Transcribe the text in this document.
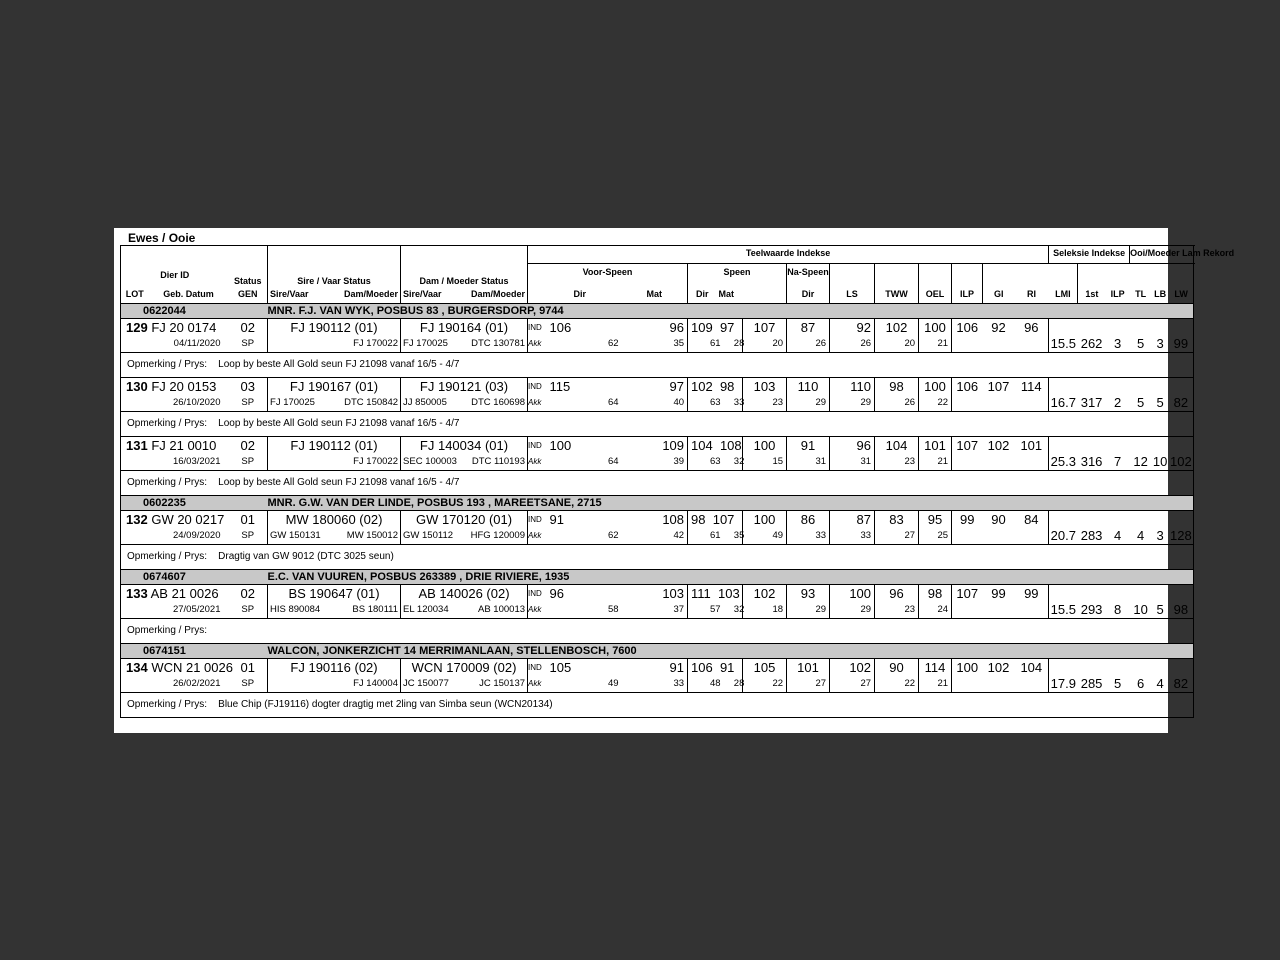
Ewes / Ooie
					Teelwaarde Indekse													Seleksie Indekse			Ooi/Moeder Lam Rekord			
Dier ID		Status	Sire / Vaar Status	Dam / Moeder Status	Voor-Speen				Speen		Na-Speen													
LOT	Geb. Datum	GEN	Sire/Vaar Dam/Moeder	Sire/Vaar Dam/Moeder	Dir			Mat	Dir Mat		Dir	LS	TWW	OEL	ILP	GI	RI	LMI	1st	ILP	TL	LB	LW	
0622044			MNR. F.J. VAN WYK, POSBUS 83 , BURGERSDORP, 9744																					

129 FJ 20 0174		02	FJ 190112 (01)	FJ 190164 (01)	IND	106	96		109 97	107	87	92	102	100	106	92	96							

04/11/2020		SP	FJ 170022	FJ 170025 DTC 130781	Akk		62	35	61 28	20	26	26	20	21				15.5	262	3	5	3	99	

Opmerking / Prys: Loop by beste All Gold seun FJ 21098 vanaf 16/5 - 4/7																								

130 FJ 20 0153		03	FJ 190167 (01)	FJ 190121 (03)	IND	115	97		102 98	103	110	110	98	100	106	107	114							

26/10/2020		SP	FJ 170025 DTC 150842	JJ 850005 DTC 160698	Akk		64	40	63 33	23	29	29	26	22				16.7	317	2	5	5	82	

Opmerking / Prys: Loop by beste All Gold seun FJ 21098 vanaf 16/5 - 4/7																								

131 FJ 21 0010		02	FJ 190112 (01)	FJ 140034 (01)	IND	100	109		104 108	100	91	96	104	101	107	102	101							

16/03/2021		SP	FJ 170022	SEC 100003 DTC 110193	Akk		64	39	63 32	15	31	31	23	21				25.3	316	7	12	10	102	

Opmerking / Prys: Loop by beste All Gold seun FJ 21098 vanaf 16/5 - 4/7																								
0602235			MNR. G.W. VAN DER LINDE, POSBUS 193 , MAREETSANE, 2715																					

132 GW 20 0217		01	MW 180060 (02)	GW 170120 (01)	IND	91	108		98 107	100	86	87	83	95	99	90	84							

24/09/2020		SP	GW 150131 MW 150012	GW 150112 HFG 120009	Akk		62	42	61 35	49	33	33	27	25				20.7	283	4	4	3	128	

Opmerking / Prys: Dragtig van GW 9012 (DTC 3025 seun)																								
0674607			E.C. VAN VUUREN, POSBUS 263389 , DRIE RIVIERE, 1935																					

133 AB 21 0026		02	BS 190647 (01)	AB 140026 (02)	IND	96	103		111 103	102	93	100	96	98	107	99	99							

27/05/2021		SP	HIS 890084 BS 180111	EL 120034 AB 100013	Akk		58	37	57 32	18	29	29	23	24				15.5	293	8	10	5	98	

Opmerking / Prys:																								
0674151			WALCON, JONKERZICHT 14 MERRIMANLAAN, STELLENBOSCH, 7600																					

134 WCN 21 0026		01	FJ 190116 (02)	WCN 170009 (02)	IND	105	91		106 91	105	101	102	90	114	100	102	104							

26/02/2021		SP	FJ 140004	JC 150077 JC 150137	Akk		49	33	48 28	22	27	27	22	21				17.9	285	5	6	4	82	

Opmerking / Prys: Blue Chip (FJ19116) dogter dragtig met 2ling van Simba seun (WCN20134)																								
